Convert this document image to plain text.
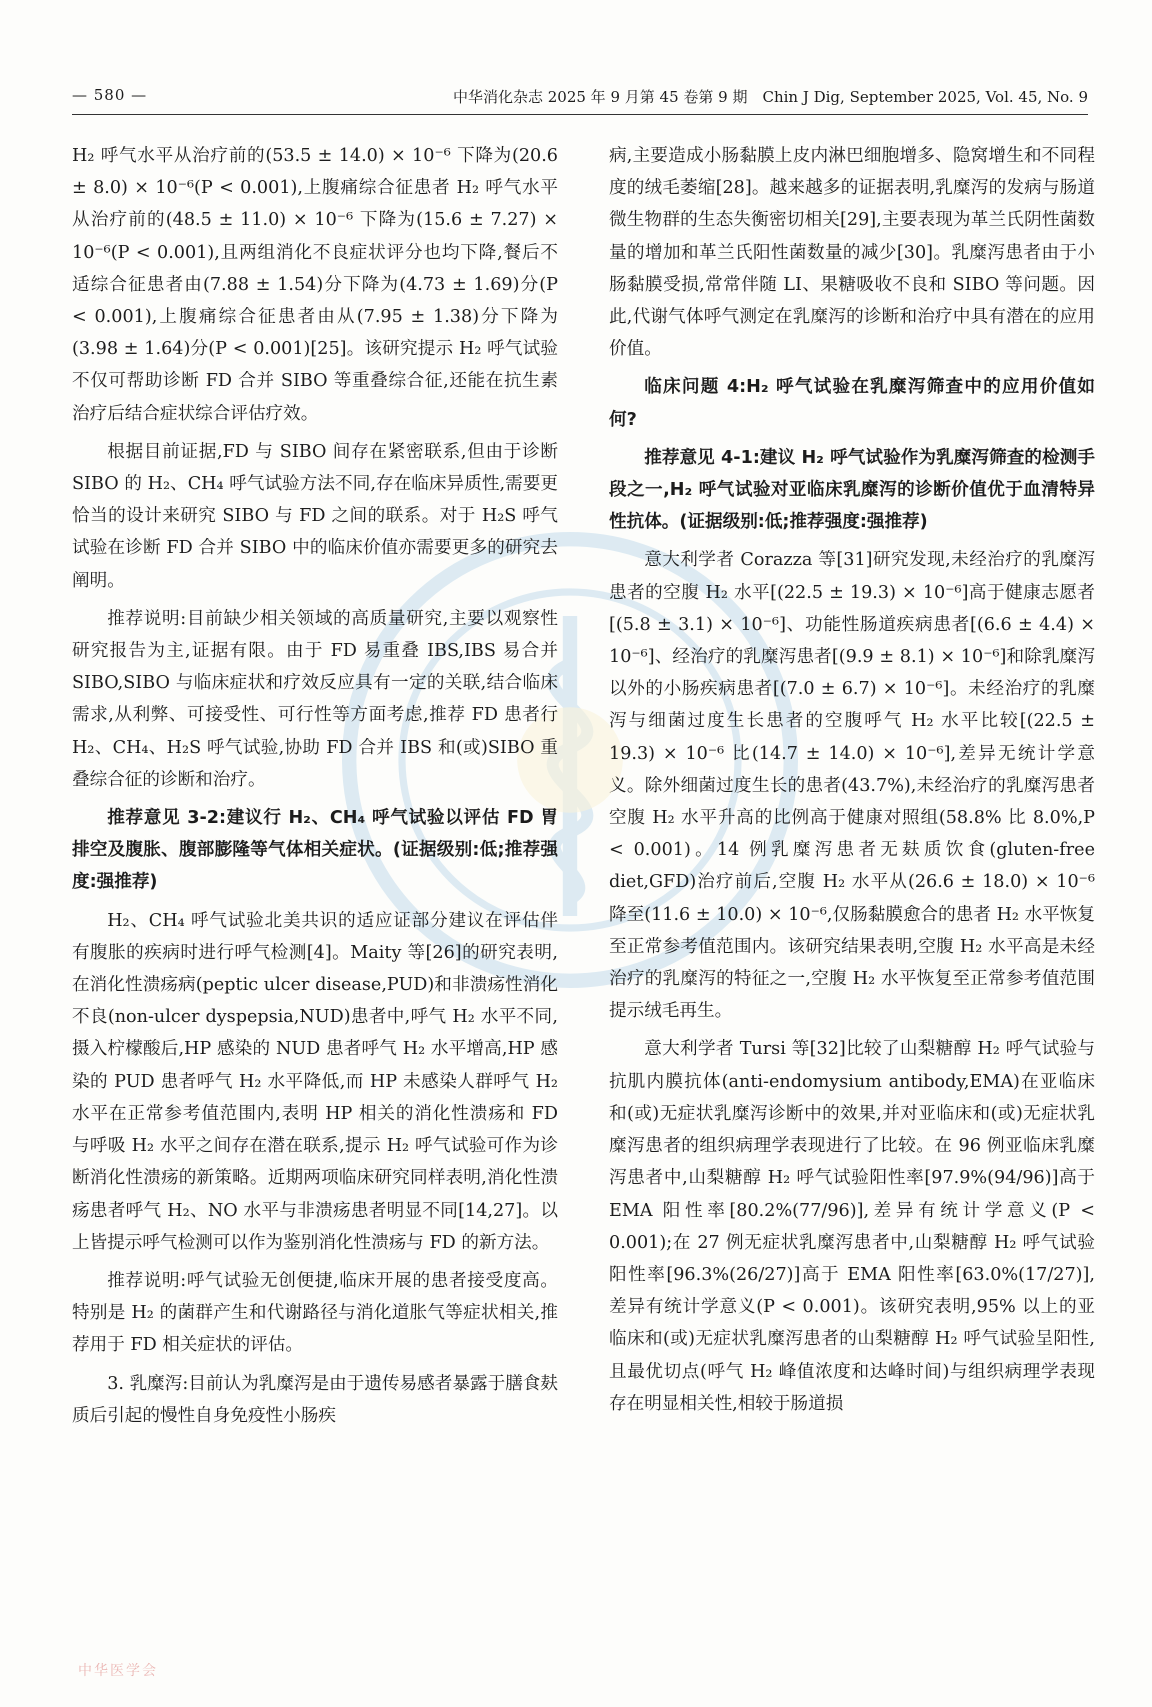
— 580 —	中华消化杂志 2025 年 9 月第 45 卷第 9 期　Chin J Dig, September 2025, Vol. 45, No. 9

H₂ 呼气水平从治疗前的(53.5 ± 14.0) × 10⁻⁶ 下降为(20.6 ± 8.0) × 10⁻⁶(P < 0.001),上腹痛综合征患者 H₂ 呼气水平从治疗前的(48.5 ± 11.0) × 10⁻⁶ 下降为(15.6 ± 7.27) × 10⁻⁶(P < 0.001),且两组消化不良症状评分也均下降,餐后不适综合征患者由(7.88 ± 1.54)分下降为(4.73 ± 1.69)分(P < 0.001),上腹痛综合征患者由从(7.95 ± 1.38)分下降为(3.98 ± 1.64)分(P < 0.001)[25]。该研究提示 H₂ 呼气试验不仅可帮助诊断 FD 合并 SIBO 等重叠综合征,还能在抗生素治疗后结合症状综合评估疗效。

根据目前证据,FD 与 SIBO 间存在紧密联系,但由于诊断 SIBO 的 H₂、CH₄ 呼气试验方法不同,存在临床异质性,需要更恰当的设计来研究 SIBO 与 FD 之间的联系。对于 H₂S 呼气试验在诊断 FD 合并 SIBO 中的临床价值亦需要更多的研究去阐明。

推荐说明:目前缺少相关领域的高质量研究,主要以观察性研究报告为主,证据有限。由于 FD 易重叠 IBS,IBS 易合并 SIBO,SIBO 与临床症状和疗效反应具有一定的关联,结合临床需求,从利弊、可接受性、可行性等方面考虑,推荐 FD 患者行 H₂、CH₄、H₂S 呼气试验,协助 FD 合并 IBS 和(或)SIBO 重叠综合征的诊断和治疗。

推荐意见 3-2:建议行 H₂、CH₄ 呼气试验以评估 FD 胃排空及腹胀、腹部膨隆等气体相关症状。(证据级别:低;推荐强度:强推荐)

H₂、CH₄ 呼气试验北美共识的适应证部分建议在评估伴有腹胀的疾病时进行呼气检测[4]。Maity 等[26]的研究表明,在消化性溃疡病(peptic ulcer disease,PUD)和非溃疡性消化不良(non-ulcer dyspepsia,NUD)患者中,呼气 H₂ 水平不同,摄入柠檬酸后,HP 感染的 NUD 患者呼气 H₂ 水平增高,HP 感染的 PUD 患者呼气 H₂ 水平降低,而 HP 未感染人群呼气 H₂ 水平在正常参考值范围内,表明 HP 相关的消化性溃疡和 FD 与呼吸 H₂ 水平之间存在潜在联系,提示 H₂ 呼气试验可作为诊断消化性溃疡的新策略。近期两项临床研究同样表明,消化性溃疡患者呼气 H₂、NO 水平与非溃疡患者明显不同[14,27]。以上皆提示呼气检测可以作为鉴别消化性溃疡与 FD 的新方法。

推荐说明:呼气试验无创便捷,临床开展的患者接受度高。特别是 H₂ 的菌群产生和代谢路径与消化道胀气等症状相关,推荐用于 FD 相关症状的评估。

3. 乳糜泻:目前认为乳糜泻是由于遗传易感者暴露于膳食麸质后引起的慢性自身免疫性小肠疾

病,主要造成小肠黏膜上皮内淋巴细胞增多、隐窝增生和不同程度的绒毛萎缩[28]。越来越多的证据表明,乳糜泻的发病与肠道微生物群的生态失衡密切相关[29],主要表现为革兰氏阴性菌数量的增加和革兰氏阳性菌数量的减少[30]。乳糜泻患者由于小肠黏膜受损,常常伴随 LI、果糖吸收不良和 SIBO 等问题。因此,代谢气体呼气测定在乳糜泻的诊断和治疗中具有潜在的应用价值。

临床问题 4:H₂ 呼气试验在乳糜泻筛查中的应用价值如何?

推荐意见 4-1:建议 H₂ 呼气试验作为乳糜泻筛查的检测手段之一,H₂ 呼气试验对亚临床乳糜泻的诊断价值优于血清特异性抗体。(证据级别:低;推荐强度:强推荐)

意大利学者 Corazza 等[31]研究发现,未经治疗的乳糜泻患者的空腹 H₂ 水平[(22.5 ± 19.3) × 10⁻⁶]高于健康志愿者[(5.8 ± 3.1) × 10⁻⁶]、功能性肠道疾病患者[(6.6 ± 4.4) × 10⁻⁶]、经治疗的乳糜泻患者[(9.9 ± 8.1) × 10⁻⁶]和除乳糜泻以外的小肠疾病患者[(7.0 ± 6.7) × 10⁻⁶]。未经治疗的乳糜泻与细菌过度生长患者的空腹呼气 H₂ 水平比较[(22.5 ± 19.3) × 10⁻⁶ 比(14.7 ± 14.0) × 10⁻⁶],差异无统计学意义。除外细菌过度生长的患者(43.7%),未经治疗的乳糜泻患者空腹 H₂ 水平升高的比例高于健康对照组(58.8% 比 8.0%,P < 0.001)。14 例乳糜泻患者无麸质饮食(gluten-free diet,GFD)治疗前后,空腹 H₂ 水平从(26.6 ± 18.0) × 10⁻⁶ 降至(11.6 ± 10.0) × 10⁻⁶,仅肠黏膜愈合的患者 H₂ 水平恢复至正常参考值范围内。该研究结果表明,空腹 H₂ 水平高是未经治疗的乳糜泻的特征之一,空腹 H₂ 水平恢复至正常参考值范围提示绒毛再生。

意大利学者 Tursi 等[32]比较了山梨糖醇 H₂ 呼气试验与抗肌内膜抗体(anti-endomysium antibody,EMA)在亚临床和(或)无症状乳糜泻诊断中的效果,并对亚临床和(或)无症状乳糜泻患者的组织病理学表现进行了比较。在 96 例亚临床乳糜泻患者中,山梨糖醇 H₂ 呼气试验阳性率[97.9%(94/96)]高于 EMA 阳性率[80.2%(77/96)],差异有统计学意义(P < 0.001);在 27 例无症状乳糜泻患者中,山梨糖醇 H₂ 呼气试验阳性率[96.3%(26/27)]高于 EMA 阳性率[63.0%(17/27)],差异有统计学意义(P < 0.001)。该研究表明,95% 以上的亚临床和(或)无症状乳糜泻患者的山梨糖醇 H₂ 呼气试验呈阳性,且最优切点(呼气 H₂ 峰值浓度和达峰时间)与组织病理学表现存在明显相关性,相较于肠道损

中华医学会
